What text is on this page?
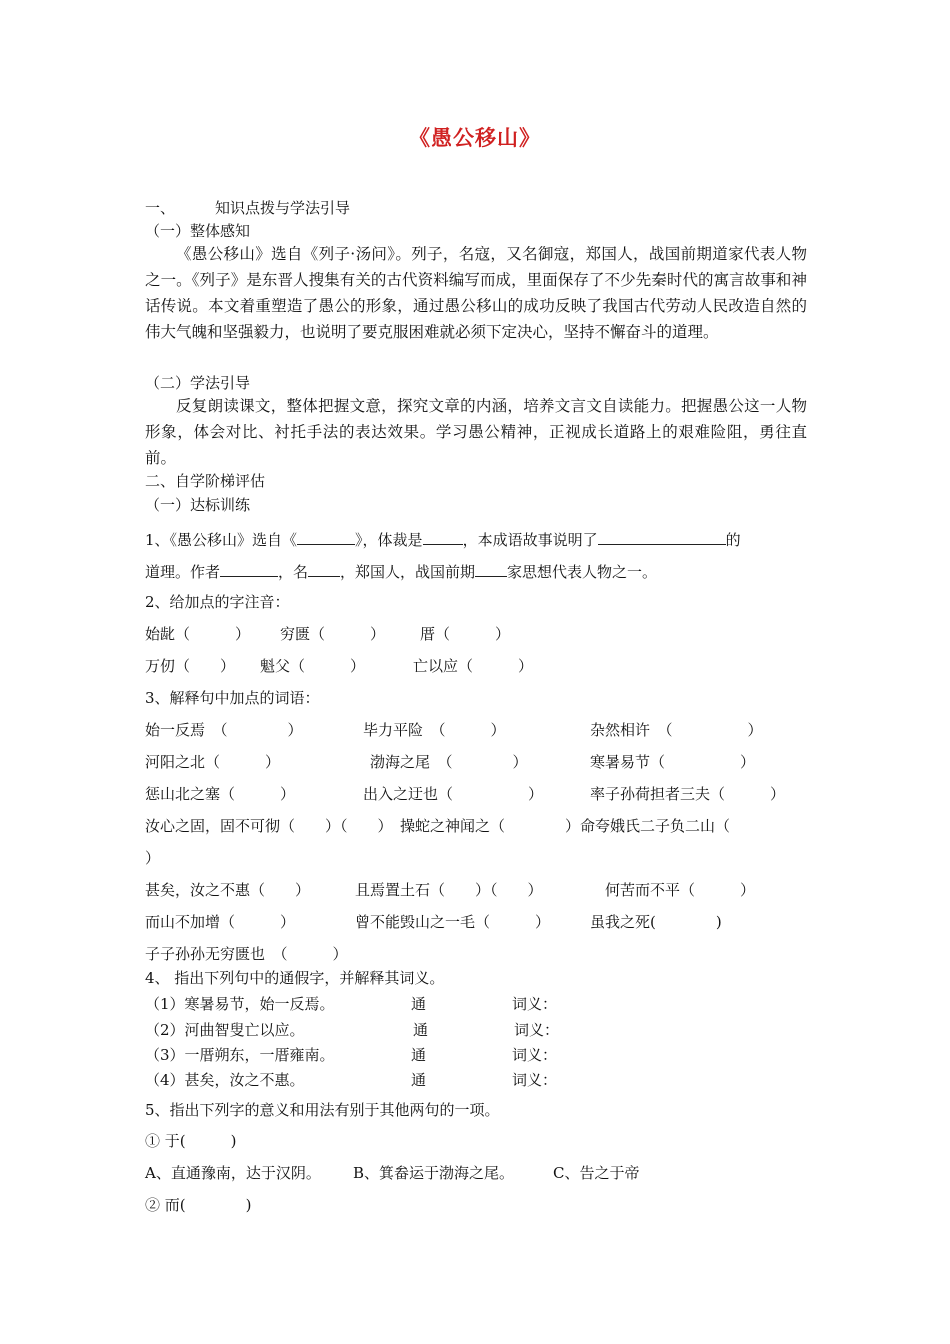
《愚公移山》
一、	知识点拨与学法引导
（一）整体感知
《愚公移山》选自《列子·汤问》。列子，名寇，又名御寇，郑国人，战国前期道家代表人物之一。《列子》是东晋人搜集有关的古代资料编写而成，里面保存了不少先秦时代的寓言故事和神话传说。本文着重塑造了愚公的形象，通过愚公移山的成功反映了我国古代劳动人民改造自然的伟大气魄和坚强毅力，也说明了要克服困难就必须下定决心，坚持不懈奋斗的道理。
（二）学法引导
反复朗读课文，整体把握文意，探究文章的内涵，培养文言文自读能力。把握愚公这一人物形象，体会对比、衬托手法的表达效果。学习愚公精神，正视成长道路上的艰难险阻，勇往直前。
二、自学阶梯评估
（一）达标训练
1、《愚公移山》选自《	》，体裁是	，本成语故事说明了	的
道理。作者	，名 ，郑国人，战国前期 家思想代表人物之一。
2、给加点的字注音：
始龀（　　　） 穷匮（　　　） 厝（　　　）
万仞（　　） 魁父（　　　）	亡以应（　　　）
3、解释句中加点的词语：
始一反焉　（　　　　）	毕力平险　（　　　）	杂然相许　（　　　　　）
河阳之北（　　　）	渤海之尾　（　　　　）	寒暑易节（　　　　　）
惩山北之塞（　　　）	出入之迂也（　　　　　）	率子孙荷担者三夫（　　　）
汝心之固，固不可彻（　　）（　　）　操蛇之神闻之（　　　　）命夸娥氏二子负二山（
）
甚矣，汝之不惠（　　）	且焉置土石（　　）（　　）	何苦而不平（　　　）
而山不加增（　　　）	曾不能毁山之一毛（　　　）	虽我之死(　　　　)
子子孙孙无穷匮也　（　　　）
4、 指出下列句中的通假字，并解释其词义。
（1）寒暑易节，始一反焉。	通	词义：
（2）河曲智叟亡以应。	通	词义：
（3）一厝朔东，一厝雍南。	通	词义：
（4）甚矣，汝之不惠。	通	词义：
5、指出下列字的意义和用法有别于其他两句的一项。
① 于(　　　)
A、直通豫南，达于汉阴。 B、箕畚运于渤海之尾。	C、告之于帝
② 而(　　　　)
